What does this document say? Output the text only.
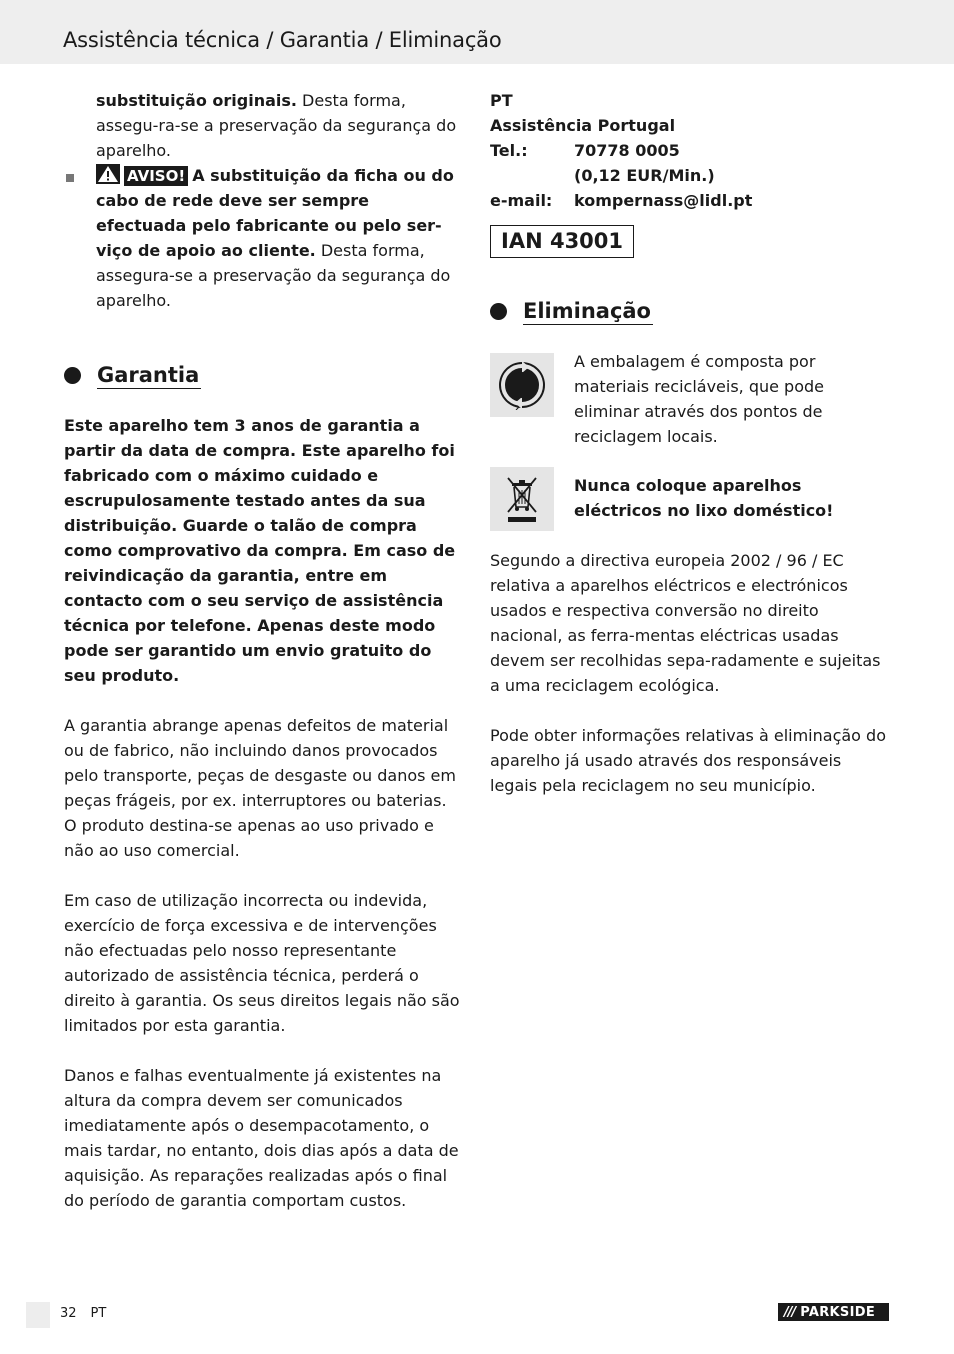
Assistência técnica / Garantia / Eliminação

substituição originais. Desta forma, assegu-ra-se a preservação da segurança do aparelho.

AVISO! A substituição da ficha ou do cabo de rede deve ser sempre efectuada pelo fabricante ou pelo ser-viço de apoio ao cliente. Desta forma, assegura-se a preservação da segurança do aparelho.

Garantia

Este aparelho tem 3 anos de garantia a partir da data de compra. Este aparelho foi fabricado com o máximo cuidado e escrupulosamente testado antes da sua distribuição. Guarde o talão de compra como comprovativo da compra. Em caso de reivindicação da garantia, entre em contacto com o seu serviço de assistência técnica por telefone. Apenas deste modo pode ser garantido um envio gratuito do seu produto.

A garantia abrange apenas defeitos de material ou de fabrico, não incluindo danos provocados pelo transporte, peças de desgaste ou danos em peças frágeis, por ex. interruptores ou baterias. O produto destina-se apenas ao uso privado e não ao uso comercial.

Em caso de utilização incorrecta ou indevida, exercício de força excessiva e de intervenções não efectuadas pelo nosso representante autorizado de assistência técnica, perderá o direito à garantia. Os seus direitos legais não são limitados por esta garantia.

Danos e falhas eventualmente já existentes na altura da compra devem ser comunicados imediatamente após o desempacotamento, o mais tardar, no entanto, dois dias após a data de aquisição. As reparações realizadas após o final do período de garantia comportam custos.

PT

Assistência Portugal

Tel.:	70778 0005
(0,12 EUR/Min.)
e-mail:	kompernass@lidl.pt
IAN 43001
Eliminação

A embalagem é composta por materiais recicláveis, que pode eliminar através dos pontos de reciclagem locais.

Nunca coloque aparelhos eléctricos no lixo doméstico!

Segundo a directiva europeia 2002 / 96 / EC relativa a aparelhos eléctricos e electrónicos usados e respectiva conversão no direito nacional, as ferra-mentas eléctricas usadas devem ser recolhidas sepa-radamente e sujeitas a uma reciclagem ecológica.

Pode obter informações relativas à eliminação do aparelho já usado através dos responsáveis legais pela reciclagem no seu município.

32 PT	/// PARKSIDE
